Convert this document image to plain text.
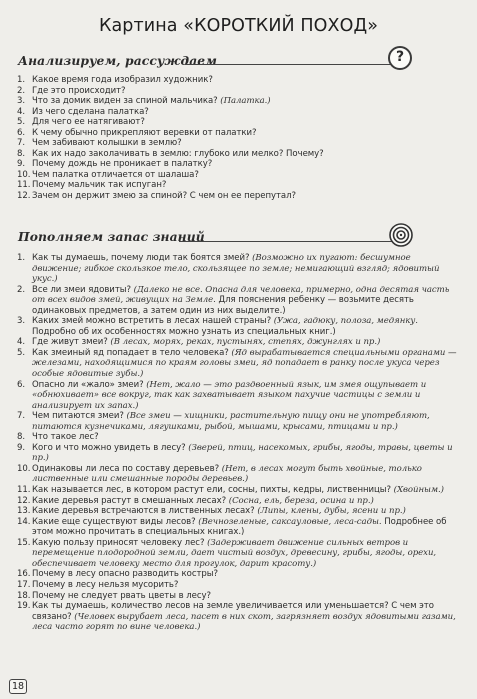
Картина «КОРОТКИЙ ПОХОД»
Анализируем, рассуждаем	?
1. Какое время года изобразил художник?
2. Где это происходит?
3. Что за домик виден за спиной мальчика? (Палатка.)
4. Из чего сделана палатка?
5. Для чего ее натягивают?
6. К чему обычно прикрепляют веревки от палатки?
7. Чем забивают колышки в землю?
8. Как их надо заколачивать в землю: глубоко или мелко? Почему?
9. Почему дождь не проникает в палатку?
10. Чем палатка отличается от шалаша?
11. Почему мальчик так испуган?
12. Зачем он держит змею за спиной? С чем он ее перепутал?
Пополняем запас знаний
1. Как ты думаешь, почему люди так боятся змей? (Возможно их пугают: бесшумное движение; гибкое скользкое тело, скользящее по земле; немигающий взгляд; ядовитый укус.)
2. Все ли змеи ядовиты? (Далеко не все. Опасна для человека, примерно, одна десятая часть от всех видов змей, живущих на Земле. Для пояснения ребенку — возьмите десять одинаковых предметов, а затем один из них выделите.)
3. Каких змей можно встретить в лесах нашей страны? (Ужа, гадюку, полоза, медянку. Подробно об их особенностях можно узнать из специальных книг.)
4. Где живут змеи? (В лесах, морях, реках, пустынях, степях, джунглях и пр.)
5. Как змеиный яд попадает в тело человека? (Яд вырабатывается специальными органами — железами, находящимися по краям головы змеи, яд попадает в ранку после укуса через особые ядовитые зубы.)
6. Опасно ли «жало» змеи? (Нет, жало — это раздвоенный язык, им змея ощупывает и «обнюхивает» все вокруг, так как захватывает языком пахучие частицы с земли и анализирует их запах.)
7. Чем питаются змеи? (Все змеи — хищники, растительную пищу они не употребляют, питаются кузнечиками, лягушками, рыбой, мышами, крысами, птицами и пр.)
8. Что такое лес?
9. Кого и что можно увидеть в лесу? (Зверей, птиц, насекомых, грибы, ягоды, травы, цветы и пр.)
10. Одинаковы ли леса по составу деревьев? (Нет, в лесах могут быть хвойные, только лиственные или смешанные породы деревьев.)
11. Как называется лес, в котором растут ели, сосны, пихты, кедры, лиственницы? (Хвойным.)
12. Какие деревья растут в смешанных лесах? (Сосна, ель, береза, осина и пр.)
13. Какие деревья встречаются в лиственных лесах? (Липы, клены, дубы, ясени и пр.)
14. Какие еще существуют виды лесов? (Вечнозеленые, саксауловые, леса-сады. Подробнее об этом можно прочитать в специальных книгах.)
15. Какую пользу приносят человеку лес? (Задерживает движение сильных ветров и перемещение плодородной земли, дает чистый воздух, древесину, грибы, ягоды, орехи, обеспечивает человеку место для прогулок, дарит красоту.)
16. Почему в лесу опасно разводить костры?
17. Почему в лесу нельзя мусорить?
18. Почему не следует рвать цветы в лесу?
19. Как ты думаешь, количество лесов на земле увеличивается или уменьшается? С чем это связано? (Человек вырубает леса, пасет в них скот, загрязняет воздух ядовитыми газами, леса часто горят по вине человека.)
18
